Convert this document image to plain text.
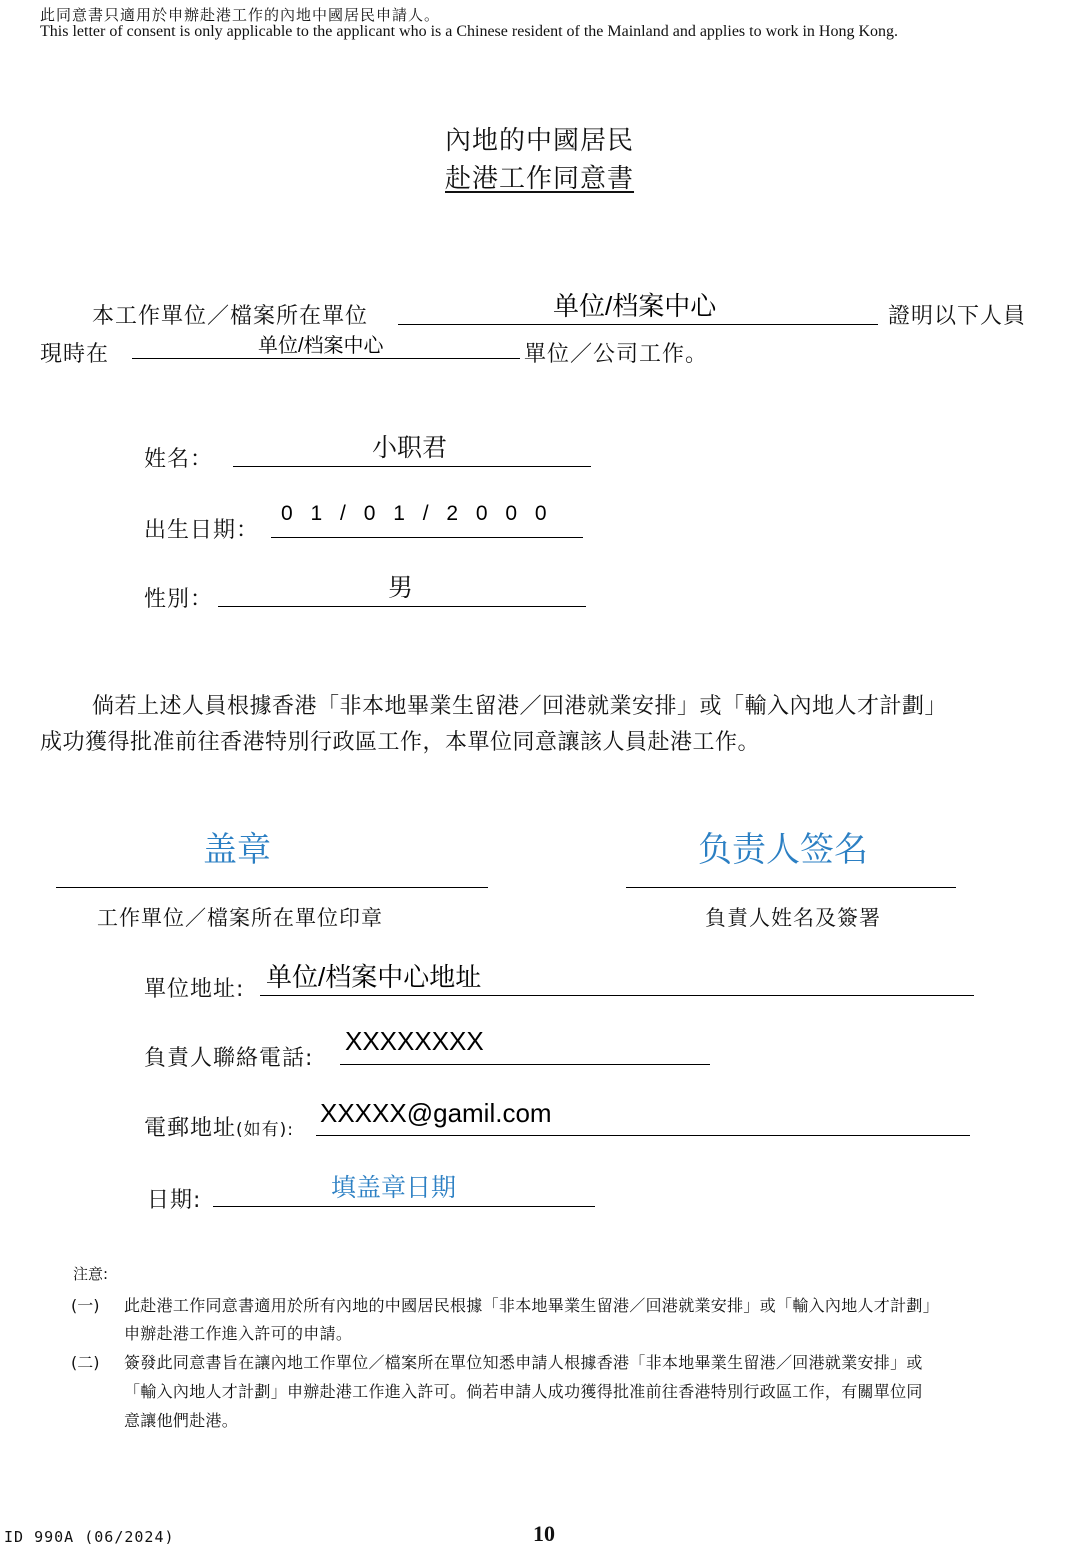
此同意書只適用於申辦赴港工作的內地中國居民申請人。
This letter of consent is only applicable to the applicant who is a Chinese resident of the Mainland and applies to work in Hong Kong.
內地的中國居民
赴港工作同意書
本工作單位／檔案所在單位	单位/档案中心	證明以下人員
現時在	单位/档案中心	單位／公司工作。
姓名：	小职君
出生日期：
0 1 / 0 1 / 2 0 0 0
性別：	男
倘若上述人員根據香港「非本地畢業生留港／回港就業安排」或「輸入內地人才計劃」
成功獲得批准前往香港特別行政區工作，本單位同意讓該人員赴港工作。
盖章
工作單位／檔案所在單位印章
负责人签名
負責人姓名及簽署
單位地址: 单位/档案中心地址
負責人聯絡電話:
XXXXXXXX
電郵地址(如有):
XXXXX@gamil.com
日期:	填盖章日期
注意:
(一) 此赴港工作同意書適用於所有內地的中國居民根據「非本地畢業生留港／回港就業安排」或「輸入內地人才計劃」
申辦赴港工作進入許可的申請。
(二) 簽發此同意書旨在讓內地工作單位／檔案所在單位知悉申請人根據香港「非本地畢業生留港／回港就業安排」或
「輸入內地人才計劃」申辦赴港工作進入許可。倘若申請人成功獲得批准前往香港特別行政區工作，有關單位同
意讓他們赴港。
ID 990A (06/2024)	10
